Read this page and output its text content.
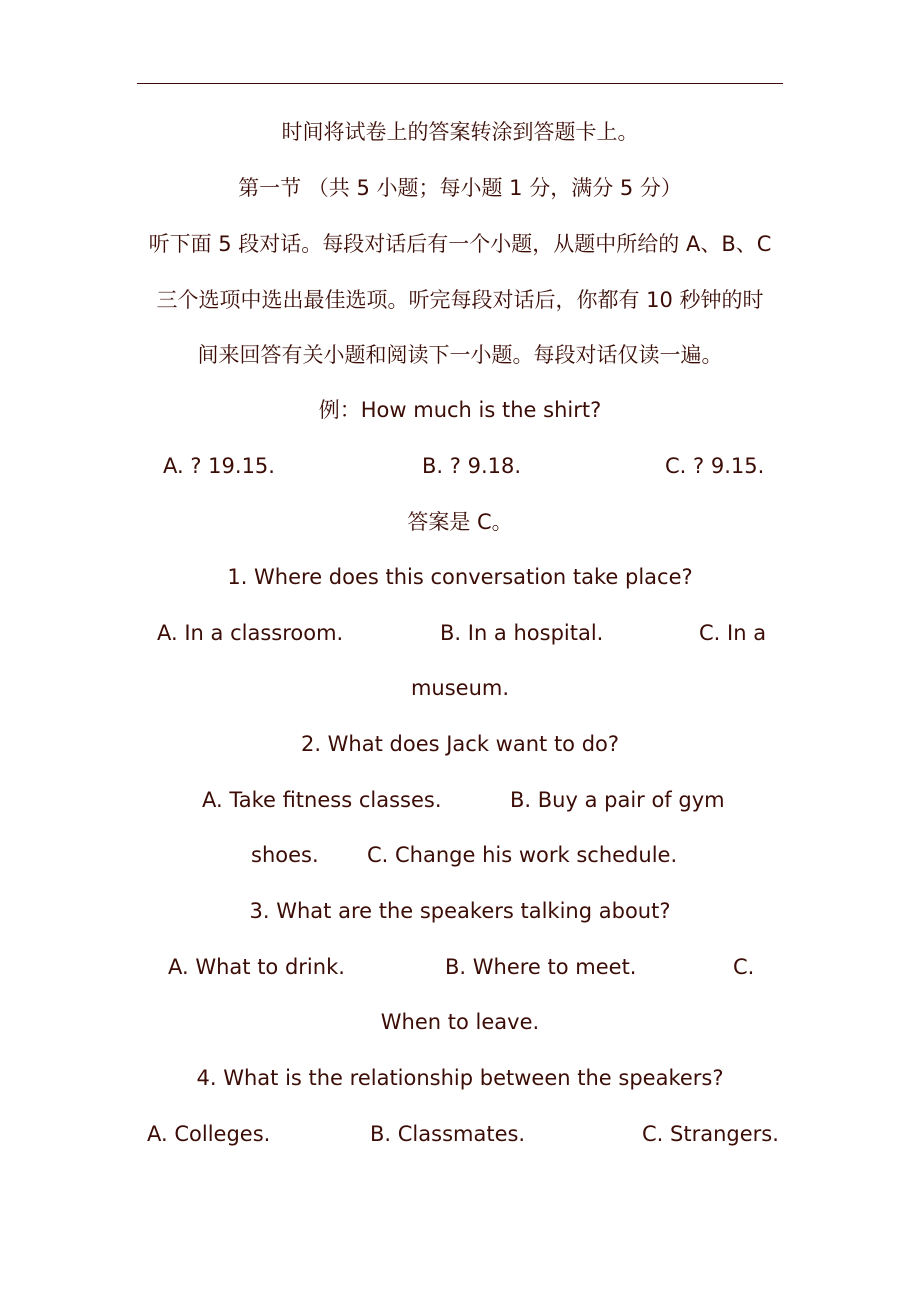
时间将试卷上的答案转涂到答题卡上。
第一节 （共 5 小题；每小题 1 分，满分 5 分）
听下面 5 段对话。每段对话后有一个小题，从题中所给的 A、B、C
三个选项中选出最佳选项。听完每段对话后，你都有 10 秒钟的时
间来回答有关小题和阅读下一小题。每段对话仅读一遍。
例：How much is the shirt?
A. ? 19.15.	B. ? 9.18.	C. ? 9.15.
答案是 C。
1. Where does this conversation take place?
A. In a classroom.	B. In a hospital.	C. In a
museum.
2. What does Jack want to do?
A. Take fitness classes.	B. Buy a pair of gym
shoes. C. Change his work schedule.
3. What are the speakers talking about?
A. What to drink.	B. Where to meet.	C.
When to leave.
4. What is the relationship between the speakers?
A. Colleges.	B. Classmates.	C. Strangers.
